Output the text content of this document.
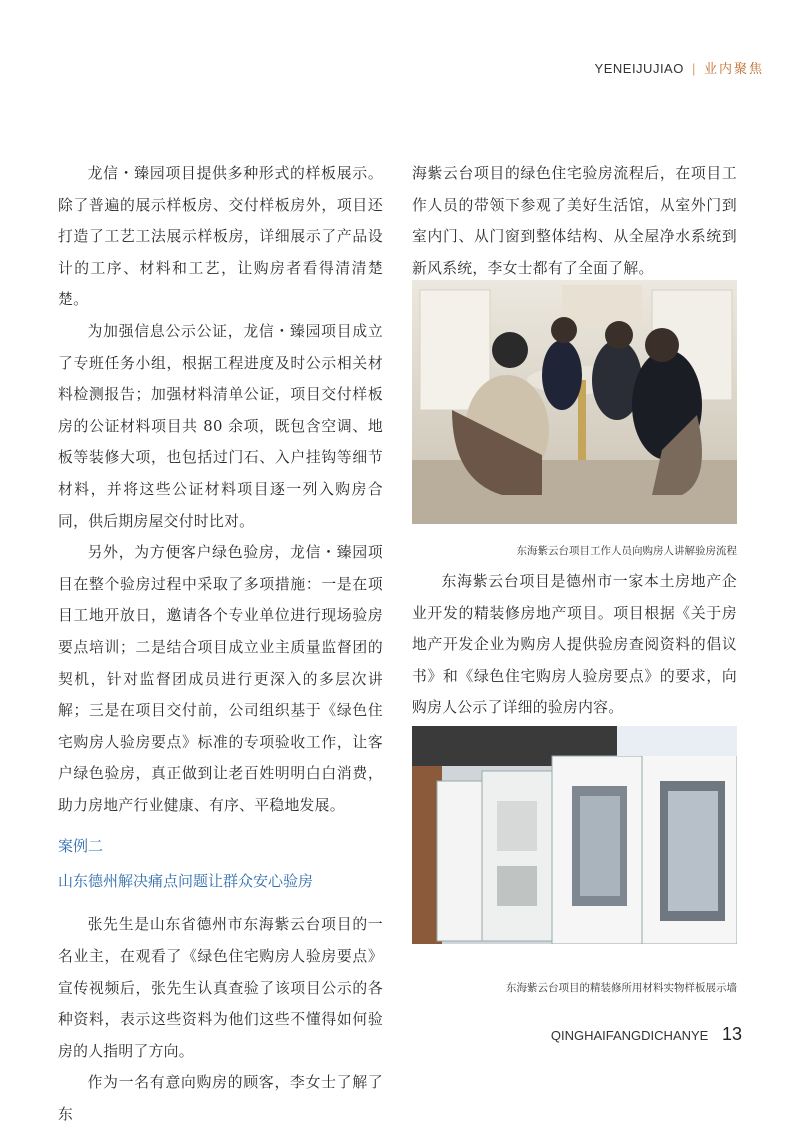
YENEIJUJIAO | 业内聚焦

龙信・臻园项目提供多种形式的样板展示。除了普遍的展示样板房、交付样板房外，项目还打造了工艺工法展示样板房，详细展示了产品设计的工序、材料和工艺，让购房者看得清清楚楚。

为加强信息公示公证，龙信・臻园项目成立了专班任务小组，根据工程进度及时公示相关材料检测报告；加强材料清单公证，项目交付样板房的公证材料项目共 80 余项，既包含空调、地板等装修大项，也包括过门石、入户挂钩等细节材料，并将这些公证材料项目逐一列入购房合同，供后期房屋交付时比对。

另外，为方便客户绿色验房，龙信・臻园项目在整个验房过程中采取了多项措施：一是在项目工地开放日，邀请各个专业单位进行现场验房要点培训；二是结合项目成立业主质量监督团的契机，针对监督团成员进行更深入的多层次讲解；三是在项目交付前，公司组织基于《绿色住宅购房人验房要点》标准的专项验收工作，让客户绿色验房，真正做到让老百姓明明白白消费，助力房地产行业健康、有序、平稳地发展。

案例二

山东德州解决痛点问题让群众安心验房

张先生是山东省德州市东海紫云台项目的一名业主，在观看了《绿色住宅购房人验房要点》宣传视频后，张先生认真查验了该项目公示的各种资料，表示这些资料为他们这些不懂得如何验房的人指明了方向。

作为一名有意向购房的顾客，李女士了解了东

海紫云台项目的绿色住宅验房流程后，在项目工作人员的带领下参观了美好生活馆，从室外门到室内门、从门窗到整体结构、从全屋净水系统到新风系统，李女士都有了全面了解。

东海紫云台项目工作人员向购房人讲解验房流程

东海紫云台项目是德州市一家本土房地产企业开发的精装修房地产项目。项目根据《关于房地产开发企业为购房人提供验房查阅资料的倡议书》和《绿色住宅购房人验房要点》的要求，向购房人公示了详细的验房内容。

东海紫云台项目的精装修所用材料实物样板展示墙
QINGHAIFANGDICHANYE 13
